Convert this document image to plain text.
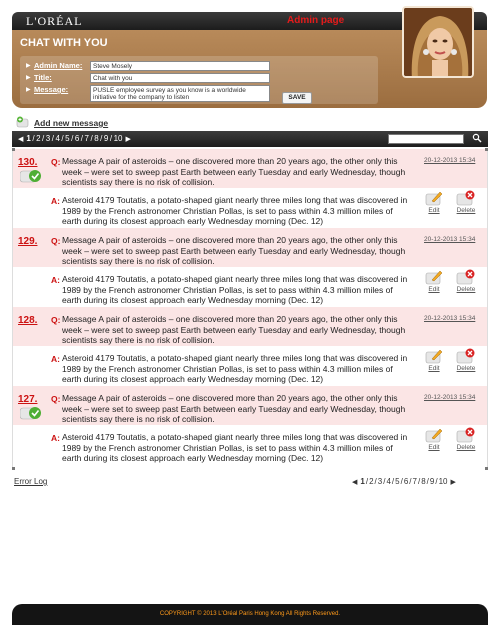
L'ORÉAL	Admin page
CHAT WITH YOU
▶ Admin Name:	Steve Mosely
▶ Title:	Chat with you
▶ Message:	PUSLE employee survey as you know is a worldwide initiative for the company to listen	SAVE
Add new message
◀ 1 / 2 / 3 / 4 / 5 / 6 / 7 / 8 / 9 / 10 ▶
130. Q: Message A pair of asteroids – one discovered more than 20 years ago, the other only this week – were set to sweep past Earth between early Tuesday and early Wednesday, though scientists say there is no risk of collision.
20-12-2013 15:34
A: Asteroid 4179 Toutatis, a potato-shaped giant nearly three miles long that was discovered in 1989 by the French astronomer Christian Pollas, is set to pass within 4.3 million miles of earth during its closest approach early Wednesday morning (Dec. 12)
Edit	Delete
129. Q: Message A pair of asteroids – one discovered more than 20 years ago, the other only this week – were set to sweep past Earth between early Tuesday and early Wednesday, though scientists say there is no risk of collision.
20-12-2013 15:34
A: Asteroid 4179 Toutatis, a potato-shaped giant nearly three miles long that was discovered in 1989 by the French astronomer Christian Pollas, is set to pass within 4.3 million miles of earth during its closest approach early Wednesday morning (Dec. 12)
Edit	Delete
128. Q: Message A pair of asteroids – one discovered more than 20 years ago, the other only this week – were set to sweep past Earth between early Tuesday and early Wednesday, though scientists say there is no risk of collision.
20-12-2013 15:34
A: Asteroid 4179 Toutatis, a potato-shaped giant nearly three miles long that was discovered in 1989 by the French astronomer Christian Pollas, is set to pass within 4.3 million miles of earth during its closest approach early Wednesday morning (Dec. 12)
Edit	Delete
127. Q: Message A pair of asteroids – one discovered more than 20 years ago, the other only this week – were set to sweep past Earth between early Tuesday and early Wednesday, though scientists say there is no risk of collision.
20-12-2013 15:34
A: Asteroid 4179 Toutatis, a potato-shaped giant nearly three miles long that was discovered in 1989 by the French astronomer Christian Pollas, is set to pass within 4.3 million miles of earth during its closest approach early Wednesday morning (Dec. 12)
Edit	Delete
Error Log	◀ 1 / 2 / 3 / 4 / 5 / 6 / 7 / 8 / 9 / 10 ▶
COPYRIGHT © 2013 L'Oréal Paris Hong Kong All Rights Reserved.
